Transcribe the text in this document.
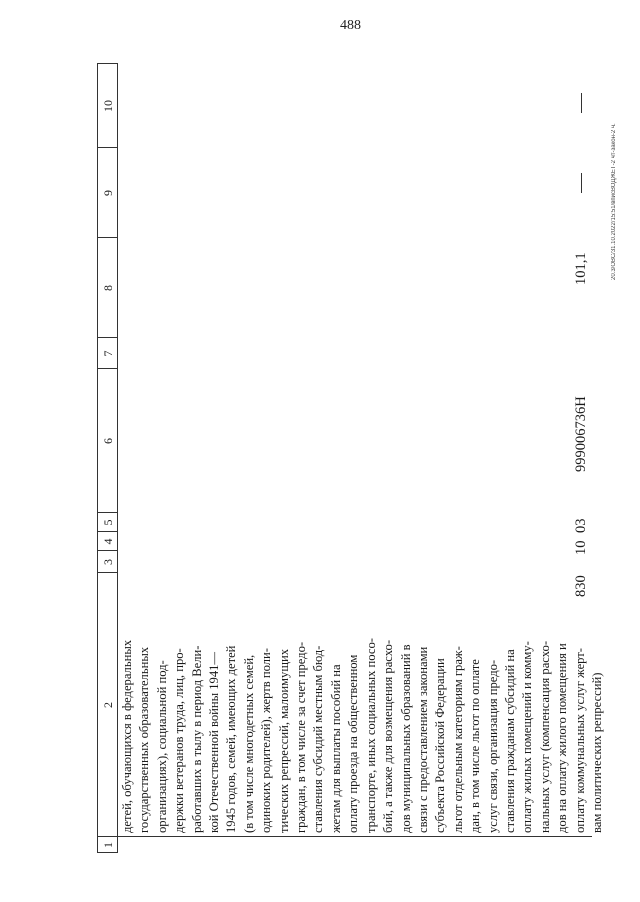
488
20.3/ОВС/31.10.2022/15:51/вписВОДЖЕТ-2 чт-закон-2 ч.
1
2
3
4
5
6
7
8
9
10
детей, обучающихся в федеральных государственных образовательных организациях), социальной под- держки ветеранов труда, лиц, про- работавших в тылу в период Вели- кой Отечественной войны 1941— 1945 годов, семей, имеющих детей (в том числе многодетных семей, одиноких родителей), жертв поли- тических репрессий, малоимущих граждан, в том числе за счет предо- ставления субсидий местным бюд- жетам для выплаты пособий на оплату проезда на общественном транспорте, иных социальных посо- бий, а также для возмещения расхо- дов муниципальных образований в связи с предоставлением законами субъекта Российской Федерации льгот отдельным категориям граж- дан, в том числе льгот по оплате услуг связи, организация предо- ставления гражданам субсидий на оплату жилых помещений и комму- нальных услуг (компенсация расхо- дов на оплату жилого помещения и оплату коммунальных услуг жерт- вам политических репрессий)
830
10
03
999006736Н
101,1
